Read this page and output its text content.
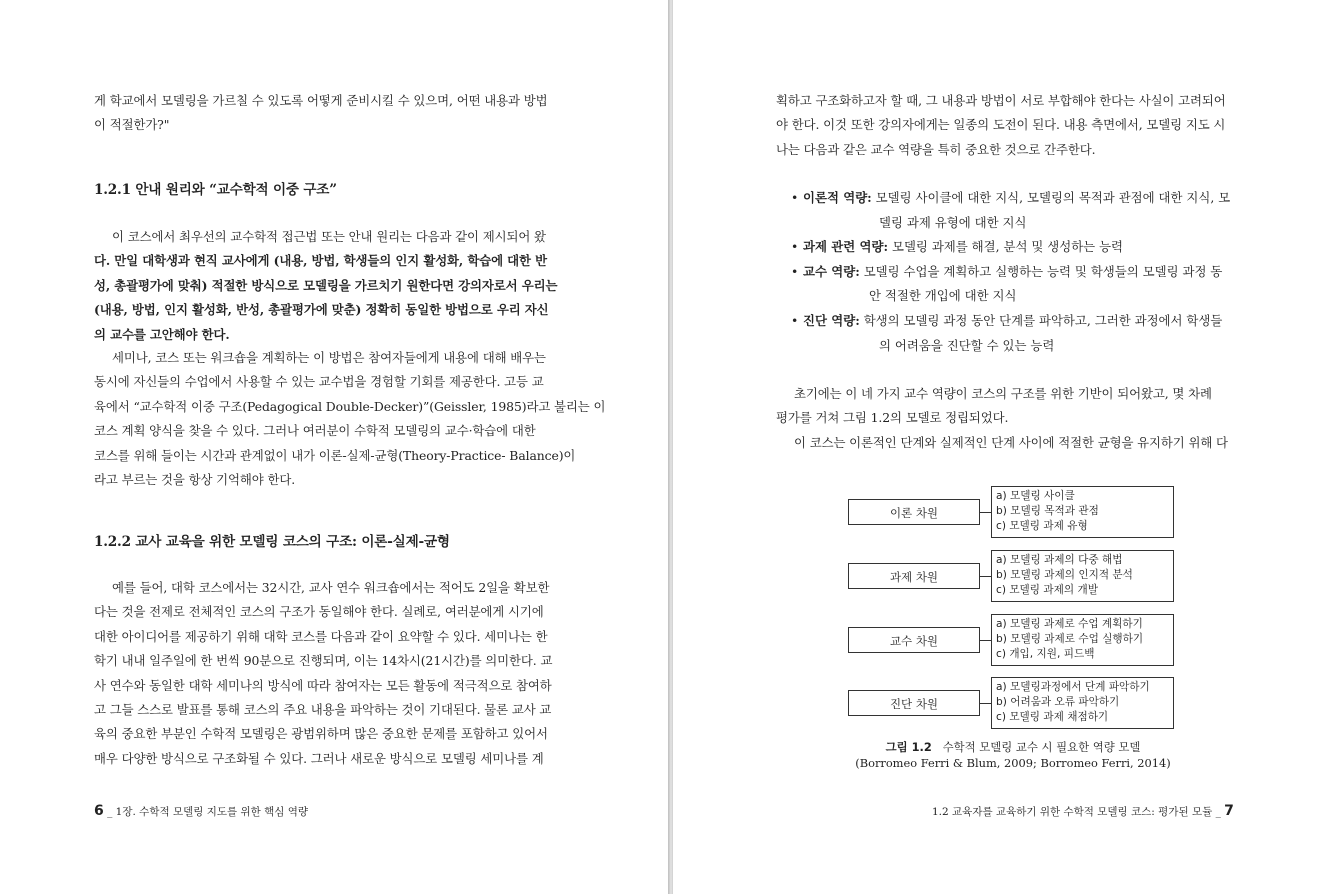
게 학교에서 모델링을 가르칠 수 있도록 어떻게 준비시킬 수 있으며, 어떤 내용과 방법
이 적절한가?"
1.2.1 안내 원리와 “교수학적 이중 구조”
이 코스에서 최우선의 교수학적 접근법 또는 안내 원리는 다음과 같이 제시되어 왔
다. 만일 대학생과 현직 교사에게 (내용, 방법, 학생들의 인지 활성화, 학습에 대한 반
성, 총괄평가에 맞춰) 적절한 방식으로 모델링을 가르치기 원한다면 강의자로서 우리는
(내용, 방법, 인지 활성화, 반성, 총괄평가에 맞춘) 정확히 동일한 방법으로 우리 자신
의 교수를 고안해야 한다.
세미나, 코스 또는 워크숍을 계획하는 이 방법은 참여자들에게 내용에 대해 배우는
동시에 자신들의 수업에서 사용할 수 있는 교수법을 경험할 기회를 제공한다. 고등 교
육에서 “교수학적 이중 구조(Pedagogical Double-Decker)”(Geissler, 1985)라고 불리는 이
코스 계획 양식을 찾을 수 있다. 그러나 여러분이 수학적 모델링의 교수·학습에 대한
코스를 위해 들이는 시간과 관계없이 내가 이론-실제-균형(Theory-Practice- Balance)이
라고 부르는 것을 항상 기억해야 한다.
1.2.2 교사 교육을 위한 모델링 코스의 구조: 이론-실제-균형
예를 들어, 대학 코스에서는 32시간, 교사 연수 워크숍에서는 적어도 2일을 확보한
다는 것을 전제로 전체적인 코스의 구조가 동일해야 한다. 실례로, 여러분에게 시기에
대한 아이디어를 제공하기 위해 대학 코스를 다음과 같이 요약할 수 있다. 세미나는 한
학기 내내 일주일에 한 번씩 90분으로 진행되며, 이는 14차시(21시간)를 의미한다. 교
사 연수와 동일한 대학 세미나의 방식에 따라 참여자는 모든 활동에 적극적으로 참여하
고 그들 스스로 발표를 통해 코스의 주요 내용을 파악하는 것이 기대된다. 물론 교사 교
육의 중요한 부분인 수학적 모델링은 광범위하며 많은 중요한 문제를 포함하고 있어서
매우 다양한 방식으로 구조화될 수 있다. 그러나 새로운 방식으로 모델링 세미나를 계
6 _ 1장. 수학적 모델링 지도를 위한 핵심 역량
획하고 구조화하고자 할 때, 그 내용과 방법이 서로 부합해야 한다는 사실이 고려되어
야 한다. 이것 또한 강의자에게는 일종의 도전이 된다. 내용 측면에서, 모델링 지도 시
나는 다음과 같은 교수 역량을 특히 중요한 것으로 간주한다.
• 이론적 역량: 모델링 사이클에 대한 지식, 모델링의 목적과 관점에 대한 지식, 모
델링 과제 유형에 대한 지식
• 과제 관련 역량: 모델링 과제를 해결, 분석 및 생성하는 능력
• 교수 역량: 모델링 수업을 계획하고 실행하는 능력 및 학생들의 모델링 과정 동
안 적절한 개입에 대한 지식
• 진단 역량: 학생의 모델링 과정 동안 단계를 파악하고, 그러한 과정에서 학생들
의 어려움을 진단할 수 있는 능력
초기에는 이 네 가지 교수 역량이 코스의 구조를 위한 기반이 되어왔고, 몇 차례
평가를 거쳐 그림 1.2의 모델로 정립되었다.
이 코스는 이론적인 단계와 실제적인 단계 사이에 적절한 균형을 유지하기 위해 다
이론 차원
a) 모델링 사이클
b) 모델링 목적과 관점
c) 모델링 과제 유형
과제 차원
a) 모델링 과제의 다중 해법
b) 모델링 과제의 인지적 분석
c) 모델링 과제의 개발
교수 차원
a) 모델링 과제로 수업 계획하기
b) 모델링 과제로 수업 실행하기
c) 개입, 지원, 피드백
진단 차원
a) 모델링과정에서 단계 파악하기
b) 어려움과 오류 파악하기
c) 모델링 과제 채점하기
그림 1.2 수학적 모델링 교수 시 필요한 역량 모델
(Borromeo Ferri & Blum, 2009; Borromeo Ferri, 2014)
1.2 교육자를 교육하기 위한 수학적 모델링 코스: 평가된 모듈 _ 7
